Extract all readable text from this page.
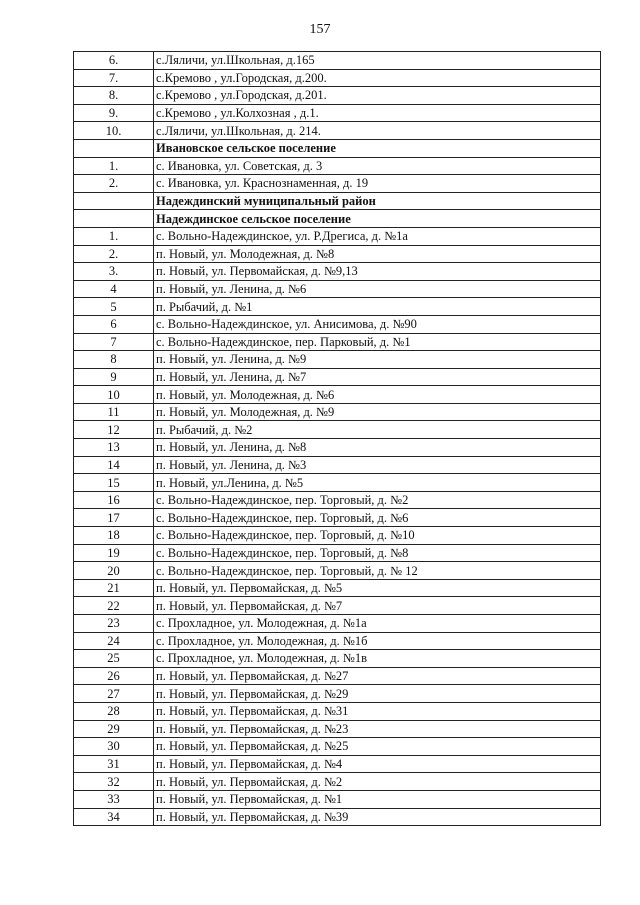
157
6.	с.Ляличи, ул.Школьная, д.165
7.	с.Кремово , ул.Городская, д.200.
8.	с.Кремово , ул.Городская, д.201.
9.	с.Кремово , ул.Колхозная , д.1.
10.	с.Ляличи, ул.Школьная, д. 214.
	Ивановское сельское поселение
1.	с. Ивановка, ул. Советская, д. 3
2.	с. Ивановка, ул. Краснознаменная, д. 19
	Надеждинский муниципальный район
	Надеждинское сельское поселение
1.	с. Вольно-Надеждинское, ул. Р.Дрегиса, д. №1а
2.	п. Новый, ул. Молодежная, д. №8
3.	п. Новый, ул. Первомайская, д. №9,13
4	п. Новый, ул. Ленина, д. №6
5	п. Рыбачий, д. №1
6	с. Вольно-Надеждинское, ул. Анисимова, д. №90
7	с. Вольно-Надеждинское, пер. Парковый, д. №1
8	п. Новый, ул. Ленина, д. №9
9	п. Новый, ул. Ленина, д. №7
10	п. Новый, ул. Молодежная, д. №6
11	п. Новый, ул. Молодежная, д. №9
12	п. Рыбачий, д. №2
13	п. Новый, ул. Ленина, д. №8
14	п. Новый, ул. Ленина, д. №3
15	п. Новый, ул.Ленина, д. №5
16	с. Вольно-Надеждинское, пер. Торговый, д. №2
17	с. Вольно-Надеждинское, пер. Торговый, д. №6
18	с. Вольно-Надеждинское, пер. Торговый, д. №10
19	с. Вольно-Надеждинское, пер. Торговый, д. №8
20	с. Вольно-Надеждинское, пер. Торговый, д. № 12
21	п. Новый, ул. Первомайская, д. №5
22	п. Новый, ул. Первомайская, д. №7
23	с. Прохладное, ул. Молодежная, д. №1а
24	с. Прохладное, ул. Молодежная, д. №1б
25	с. Прохладное, ул. Молодежная, д. №1в
26	п. Новый, ул. Первомайская, д. №27
27	п. Новый, ул. Первомайская, д. №29
28	п. Новый, ул. Первомайская, д. №31
29	п. Новый, ул. Первомайская, д. №23
30	п. Новый, ул. Первомайская, д. №25
31	п. Новый, ул. Первомайская, д. №4
32	п. Новый, ул. Первомайская, д. №2
33	п. Новый, ул. Первомайская, д. №1
34	п. Новый, ул. Первомайская, д. №39
